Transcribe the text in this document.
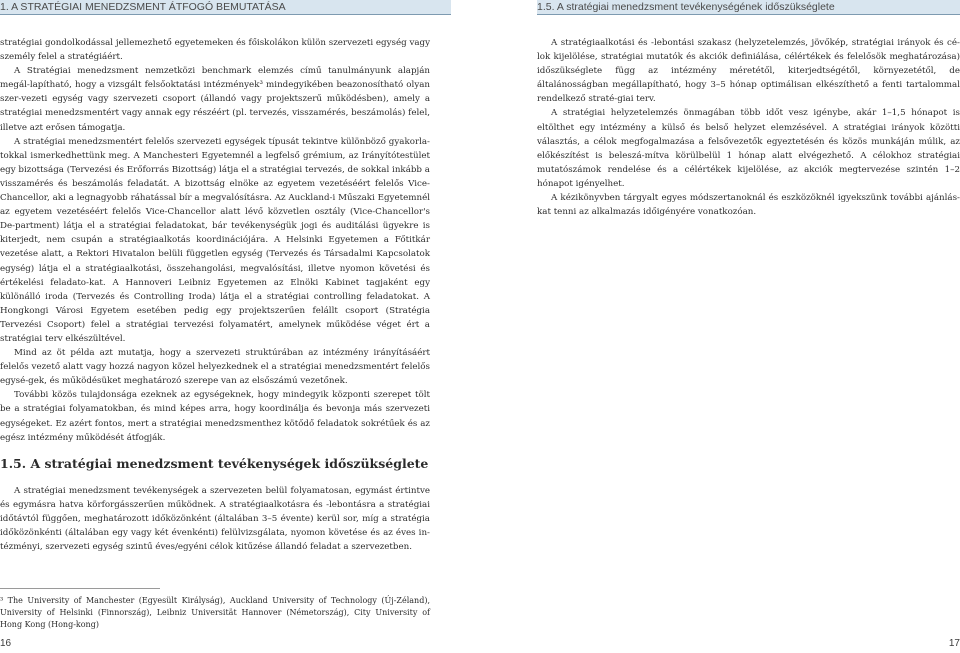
1. A STRATÉGIAI MENEDZSMENT ÁTFOGÓ BEMUTATÁSA	1.5. A stratégiai menedzsment tevékenységének időszükséglete

stratégiai gondolkodással jellemezhető egyetemeken és főiskolákon külön szervezeti egység vagy személy felel a stratégiáért.

A Stratégiai menedzsment nemzetközi benchmark elemzés című tanulmányunk alapján megál-lapítható, hogy a vizsgált felsőoktatási intézmények³ mindegyikében beazonosítható olyan szer-vezeti egység vagy szervezeti csoport (állandó vagy projektszerű működésben), amely a stratégiai menedzsmentért vagy annak egy részéért (pl. tervezés, visszamérés, beszámolás) felel, illetve azt erősen támogatja.

A stratégiai menedzsmentért felelős szervezeti egységek típusát tekintve különböző gyakorla-tokkal ismerkedhettünk meg. A Manchesteri Egyetemnél a legfelső grémium, az Irányítótestület egy bizottsága (Tervezési és Erőforrás Bizottság) látja el a stratégiai tervezés, de sokkal inkább a visszamérés és beszámolás feladatát. A bizottság elnöke az egyetem vezetéséért felelős Vice-Chancellor, aki a legnagyobb ráhatással bír a megvalósításra. Az Auckland-i Műszaki Egyetemnél az egyetem vezetéséért felelős Vice-Chancellor alatt lévő közvetlen osztály (Vice-Chancellor's De-partment) látja el a stratégiai feladatokat, bár tevékenységük jogi és auditálási ügyekre is kiterjedt, nem csupán a stratégiaalkotás koordinációjára. A Helsinki Egyetemen a Főtitkár vezetése alatt, a Rektori Hivatalon belüli független egység (Tervezés és Társadalmi Kapcsolatok egység) látja el a stratégiaalkotási, összehangolási, megvalósítási, illetve nyomon követési és értékelési feladato-kat. A Hannoveri Leibniz Egyetemen az Elnöki Kabinet tagjaként egy különálló iroda (Tervezés és Controlling Iroda) látja el a stratégiai controlling feladatokat. A Hongkongi Városi Egyetem esetében pedig egy projektszerűen felállt csoport (Stratégia Tervezési Csoport) felel a stratégiai tervezési folyamatért, amelynek működése véget ért a stratégiai terv elkészültével.

Mind az öt példa azt mutatja, hogy a szervezeti struktúrában az intézmény irányításáért felelős vezető alatt vagy hozzá nagyon közel helyezkednek el a stratégiai menedzsmentért felelős egysé-gek, és működésüket meghatározó szerepe van az elsőszámú vezetőnek.

További közös tulajdonsága ezeknek az egységeknek, hogy mindegyik központi szerepet tölt be a stratégiai folyamatokban, és mind képes arra, hogy koordinálja és bevonja más szervezeti egységeket. Ez azért fontos, mert a stratégiai menedzsmenthez kötődő feladatok sokrétűek és az egész intézmény működését átfogják.

1.5. A stratégiai menedzsment tevékenységek időszükséglete

A stratégiai menedzsment tevékenységek a szervezeten belül folyamatosan, egymást értintve és egymásra hatva körforgásszerűen működnek. A stratégiaalkotásra és -lebontásra a stratégiai időtávtól függően, meghatározott időközönként (általában 3–5 évente) kerül sor, míg a stratégia időközönkénti (általában egy vagy két évenkénti) felülvizsgálata, nyomon követése és az éves in-tézményi, szervezeti egység szintű éves/egyéni célok kitűzése állandó feladat a szervezetben.

³ The University of Manchester (Egyesült Királyság), Auckland University of Technology (Új-Zéland), University of Helsinki (Finnország), Leibniz Universität Hannover (Németország), City University of Hong Kong (Hong-kong)

A stratégiaalkotási és -lebontási szakasz (helyzetelemzés, jövőkép, stratégiai irányok és cé-lok kijelölése, stratégiai mutatók és akciók definiálása, célértékek és felelősök meghatározása) időszükséglete függ az intézmény méretétől, kiterjedtségétől, környezetétől, de általánosságban megállapítható, hogy 3–5 hónap optimálisan elkészíthető a fenti tartalommal rendelkező straté-giai terv.

A stratégiai helyzetelemzés önmagában több időt vesz igénybe, akár 1–1,5 hónapot is eltölthet egy intézmény a külső és belső helyzet elemzésével. A stratégiai irányok közötti választás, a célok megfogalmazása a felsővezetők egyeztetésén és közös munkáján múlik, az előkészítést is beleszá-mítva körülbelül 1 hónap alatt elvégezhető. A célokhoz stratégiai mutatószámok rendelése és a célértékek kijelölése, az akciók megtervezése szintén 1–2 hónapot igényelhet.

A kézikönyvben tárgyalt egyes módszertanoknál és eszközöknél igyekszünk további ajánlás-kat tenni az alkalmazás időigényére vonatkozóan.

16	17
